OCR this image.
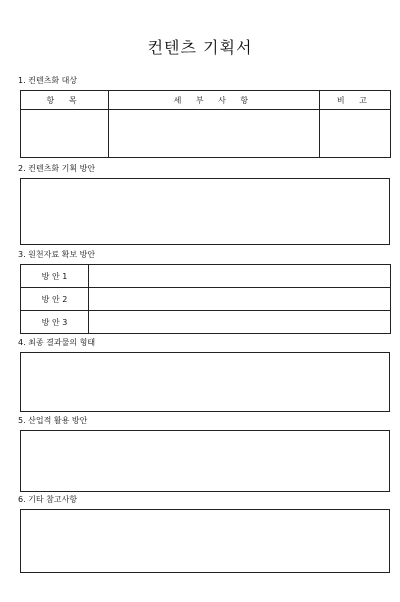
컨텐츠 기획서
1. 컨텐츠화 대상
항 목	세 부 사 항	비 고

2. 컨텐츠화 기획 방안
3. 원천자료 확보 방안
방 안 1	
방 안 2	
방 안 3	
4. 최종 결과물의 형태
5. 산업적 활용 방안
6. 기타 참고사항
